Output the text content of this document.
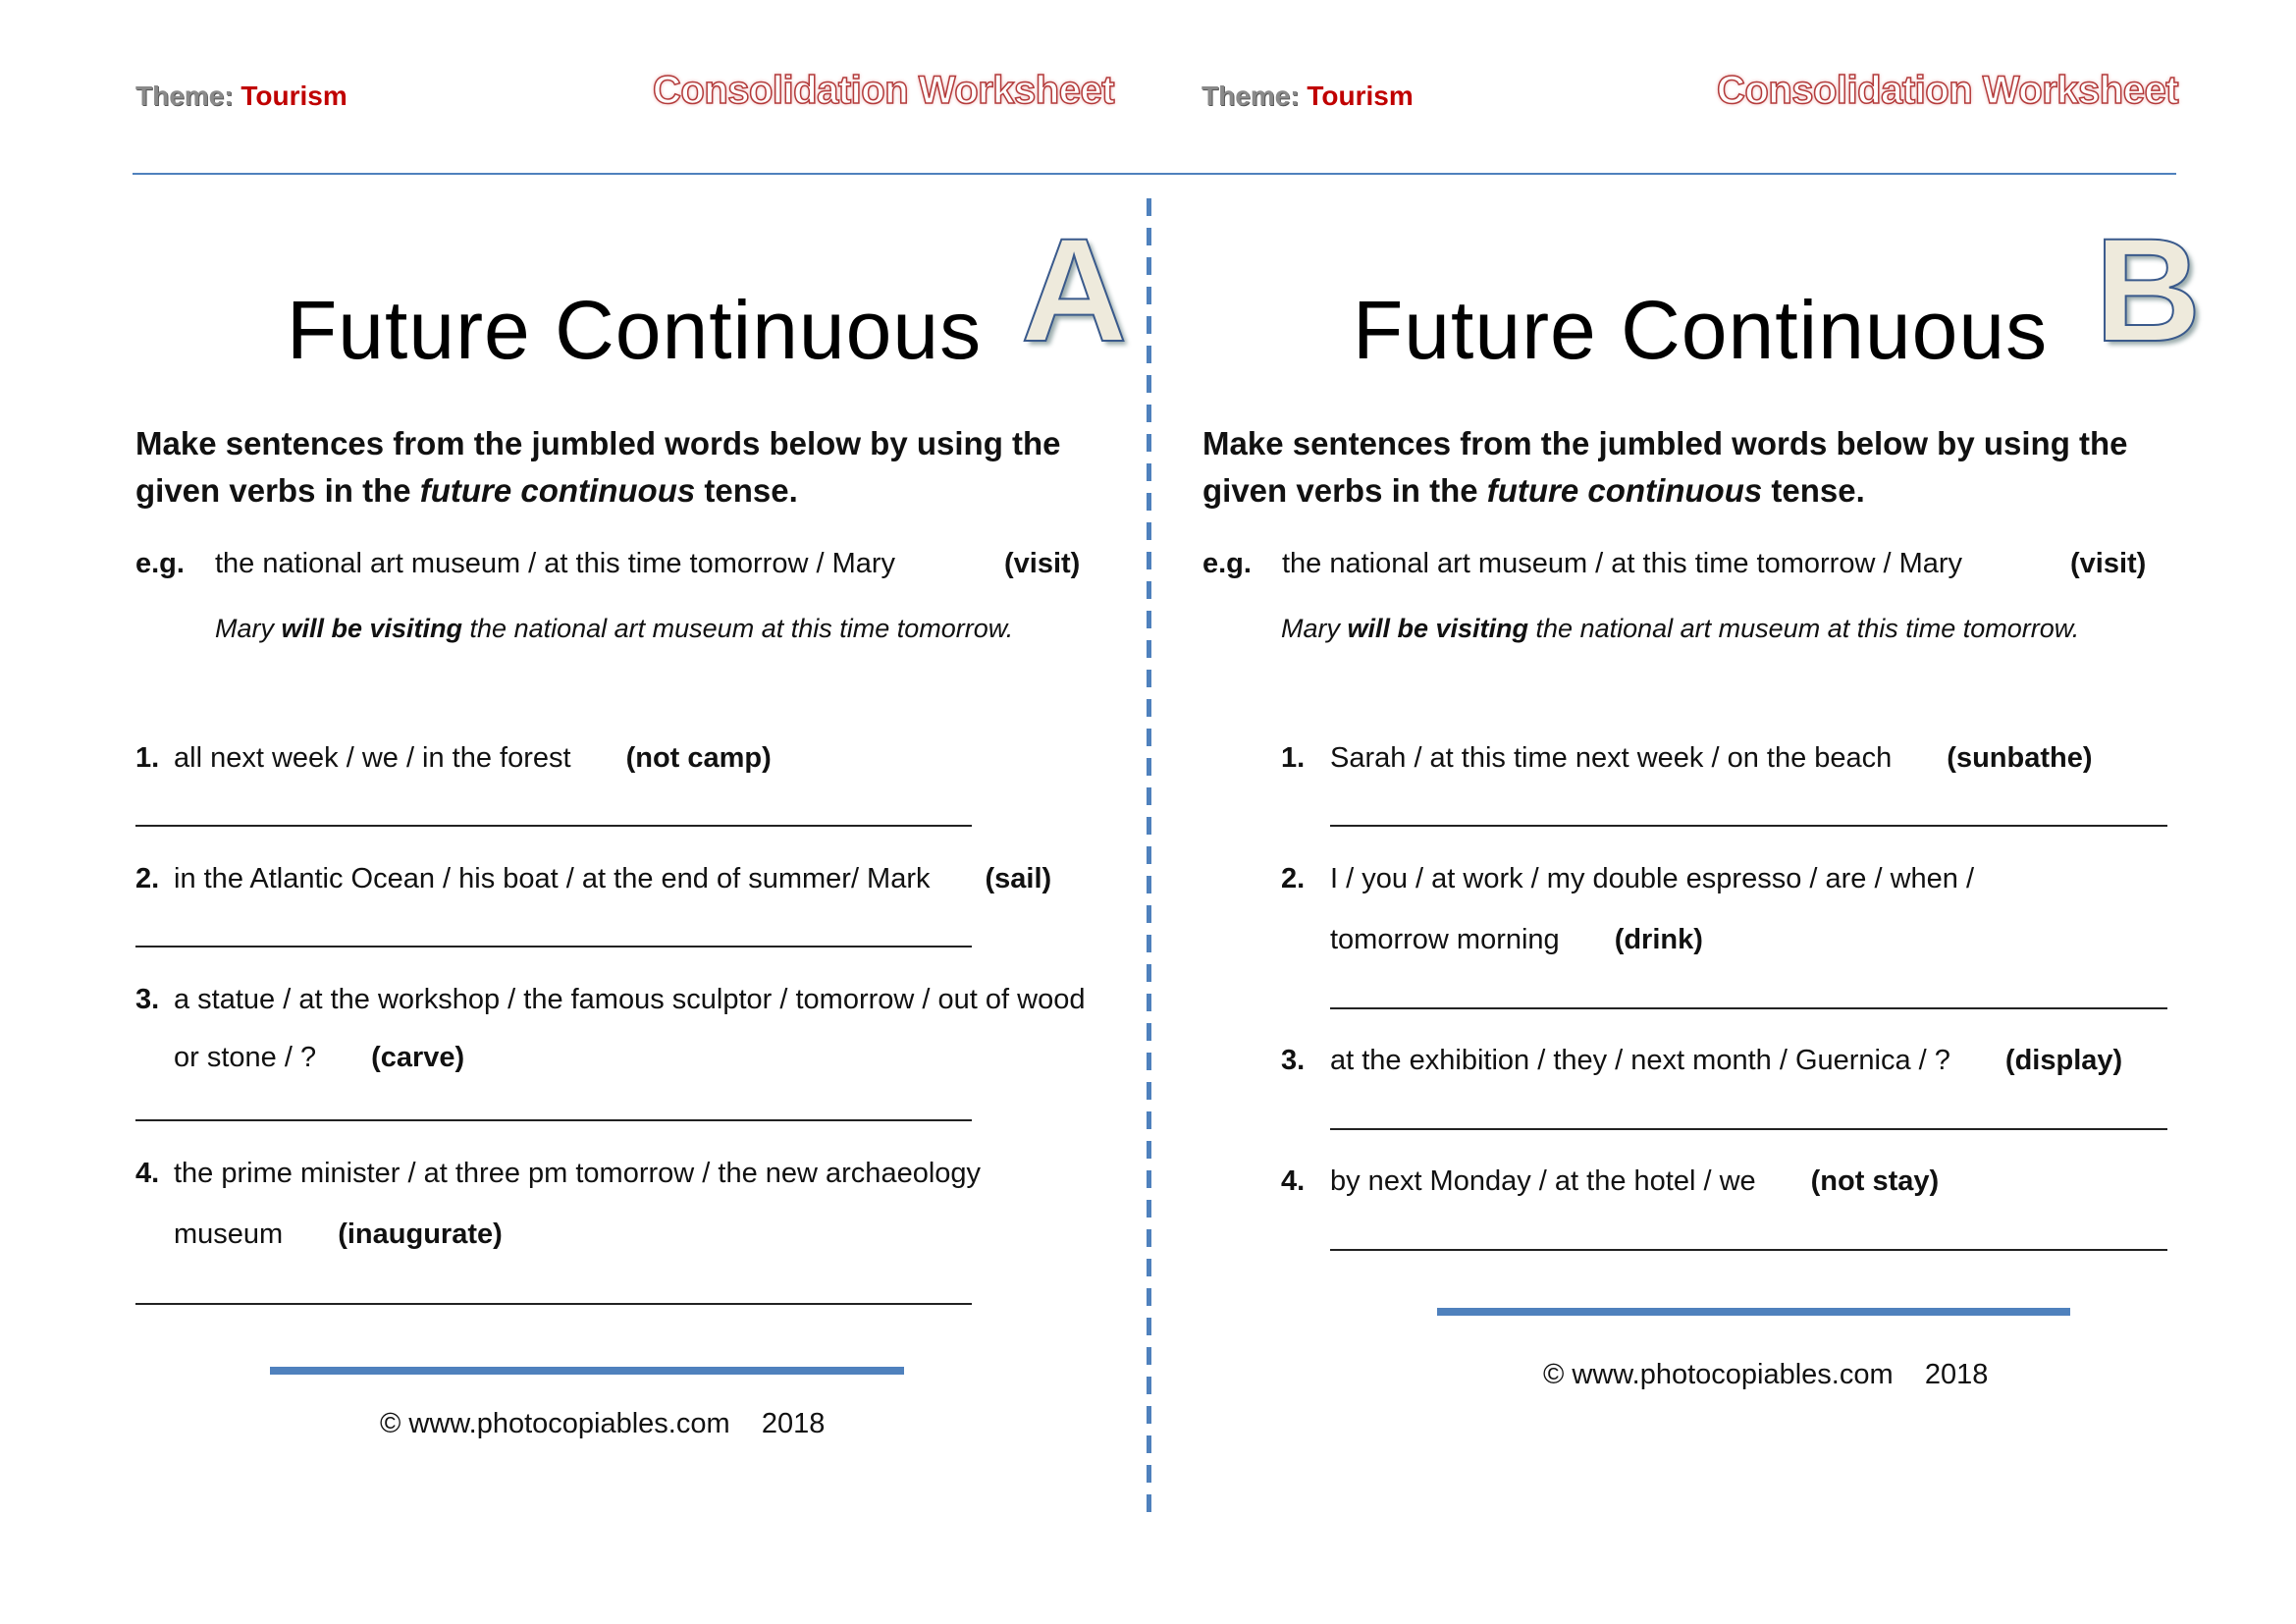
Theme: Tourism	Consolidation Worksheet
Future Continuous A
Make sentences from the jumbled words below by using the
given verbs in the future continuous tense.
e.g. the national art museum / at this time tomorrow / Mary	(visit)
Mary will be visiting the national art museum at this time tomorrow.
1. all next week / we / in the forest (not camp)
2. in the Atlantic Ocean / his boat / at the end of summer/ Mark (sail)
3. a statue / at the workshop / the famous sculptor / tomorrow / out of wood
or stone / ? (carve)
4. the prime minister / at three pm tomorrow / the new archaeology
museum (inaugurate)
© www.photocopiables.com    2018
Theme: Tourism	Consolidation Worksheet
Future Continuous B
Make sentences from the jumbled words below by using the
given verbs in the future continuous tense.
e.g. the national art museum / at this time tomorrow / Mary	(visit)
Mary will be visiting the national art museum at this time tomorrow.
1. Sarah / at this time next week / on the beach (sunbathe)
2. I / you / at work / my double espresso / are / when /
tomorrow morning (drink)
3. at the exhibition / they / next month / Guernica / ? (display)
4. by next Monday / at the hotel / we (not stay)
© www.photocopiables.com    2018
